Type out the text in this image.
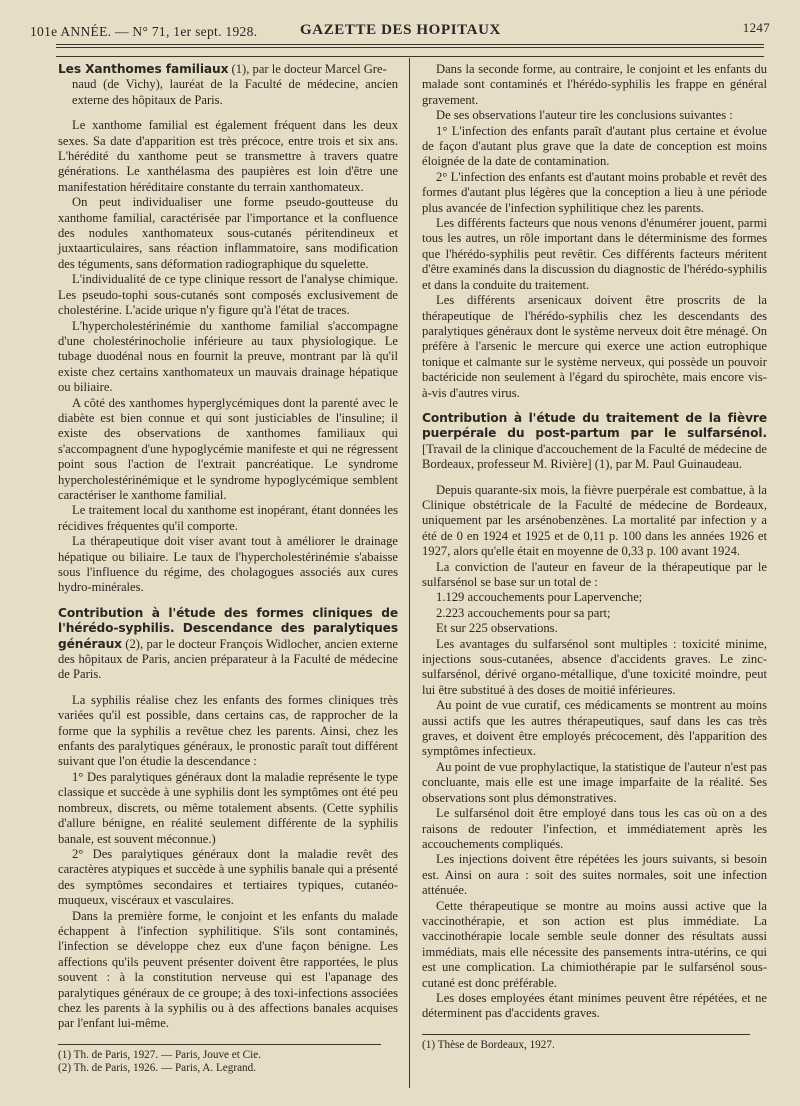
101e ANNÉE. — N° 71, 1er sept. 1928.	GAZETTE DES HOPITAUX	1247
Les Xanthomes familiaux (1), par le docteur Marcel Gre-
naud (de Vichy), lauréat de la Faculté de médecine, ancien externe des hôpitaux de Paris.

Le xanthome familial est également fréquent dans les deux sexes. Sa date d'apparition est très précoce, entre trois et six ans. L'hérédité du xanthome peut se transmettre à travers quatre générations. Le xanthélasma des paupières est loin d'être une manifestation héréditaire constante du terrain xanthomateux.

On peut individualiser une forme pseudo-goutteuse du xanthome familial, caractérisée par l'importance et la confluence des nodules xanthomateux sous-cutanés péritendineux et juxtaarticulaires, sans réaction inflammatoire, sans modification des téguments, sans déformation radiographique du squelette.

L'individualité de ce type clinique ressort de l'analyse chimique. Les pseudo-tophi sous-cutanés sont composés exclusivement de cholestérine. L'acide urique n'y figure qu'à l'état de traces.

L'hypercholestérinémie du xanthome familial s'accompagne d'une cholestérinocholie inférieure au taux physiologique. Le tubage duodénal nous en fournit la preuve, montrant par là qu'il existe chez certains xanthomateux un mauvais drainage hépatique ou biliaire.

A côté des xanthomes hyperglycémiques dont la parenté avec le diabète est bien connue et qui sont justiciables de l'insuline; il existe des observations de xanthomes familiaux qui s'accompagnent d'une hypoglycémie manifeste et qui ne régressent point sous l'action de l'extrait pancréatique. Le syndrome hypercholestérinémique et le syndrome hypoglycémique semblent caractériser le xanthome familial.

Le traitement local du xanthome est inopérant, étant données les récidives fréquentes qu'il comporte.

La thérapeutique doit viser avant tout à améliorer le drainage hépatique ou biliaire. Le taux de l'hypercholestérinémie s'abaisse sous l'influence du régime, des cholagogues associés aux cures hydro-minérales.

Contribution à l'étude des formes cliniques de l'hérédo-syphilis. Descendance des paralytiques généraux (2), par le docteur François Widlocher, ancien externe des hôpitaux de Paris, ancien préparateur à la Faculté de médecine de Paris.

La syphilis réalise chez les enfants des formes cliniques très variées qu'il est possible, dans certains cas, de rapprocher de la forme que la syphilis a revêtue chez les parents. Ainsi, chez les enfants des paralytiques généraux, le pronostic paraît tout différent suivant que l'on étudie la descendance :

1° Des paralytiques généraux dont la maladie représente le type classique et succède à une syphilis dont les symptômes ont été peu nombreux, discrets, ou même totalement absents. (Cette syphilis d'allure bénigne, en réalité seulement différente de la syphilis banale, est souvent méconnue.)

2° Des paralytiques généraux dont la maladie revêt des caractères atypiques et succède à une syphilis banale qui a présenté des symptômes secondaires et tertiaires typiques, cutanéo-muqueux, viscéraux et vasculaires.

Dans la première forme, le conjoint et les enfants du malade échappent à l'infection syphilitique. S'ils sont contaminés, l'infection se développe chez eux d'une façon bénigne. Les affections qu'ils peuvent présenter doivent être rapportées, le plus souvent : à la constitution nerveuse qui est l'apanage des paralytiques généraux de ce groupe; à des toxi-infections associées chez les parents à la syphilis ou à des affections banales acquises par l'enfant lui-même.

(1) Th. de Paris, 1927. — Paris, Jouve et Cie.

(2) Th. de Paris, 1926. — Paris, A. Legrand.

Dans la seconde forme, au contraire, le conjoint et les enfants du malade sont contaminés et l'hérédo-syphilis les frappe en général gravement.

De ses observations l'auteur tire les conclusions suivantes :

1° L'infection des enfants paraît d'autant plus certaine et évolue de façon d'autant plus grave que la date de conception est moins éloignée de la date de contamination.

2° L'infection des enfants est d'autant moins probable et revêt des formes d'autant plus légères que la conception a lieu à une période plus avancée de l'infection syphilitique chez les parents.

Les différents facteurs que nous venons d'énumérer jouent, parmi tous les autres, un rôle important dans le déterminisme des formes que l'hérédo-syphilis peut revêtir. Ces différents facteurs méritent d'être examinés dans la discussion du diagnostic de l'hérédo-syphilis et dans la conduite du traitement.

Les différents arsenicaux doivent être proscrits de la thérapeutique de l'hérédo-syphilis chez les descendants des paralytiques généraux dont le système nerveux doit être ménagé. On préfère à l'arsenic le mercure qui exerce une action eutrophique tonique et calmante sur le système nerveux, qui possède un pouvoir bactéricide non seulement à l'égard du spirochète, mais encore vis-à-vis d'autres virus.

Contribution à l'étude du traitement de la fièvre puerpérale du post-partum par le sulfarsénol. [Travail de la clinique d'accouchement de la Faculté de médecine de Bordeaux, professeur M. Rivière] (1), par M. Paul Guinaudeau.

Depuis quarante-six mois, la fièvre puerpérale est combattue, à la Clinique obstétricale de la Faculté de médecine de Bordeaux, uniquement par les arsénobenzènes. La mortalité par infection y a été de 0 en 1924 et 1925 et de 0,11 p. 100 dans les années 1926 et 1927, alors qu'elle était en moyenne de 0,33 p. 100 avant 1924.

La conviction de l'auteur en faveur de la thérapeutique par le sulfarsénol se base sur un total de :

1.129 accouchements pour Lapervenche;

2.223 accouchements pour sa part;

Et sur 225 observations.

Les avantages du sulfarsénol sont multiples : toxicité minime, injections sous-cutanées, absence d'accidents graves. Le zinc-sulfarsénol, dérivé organo-métallique, d'une toxicité moindre, peut lui être substitué à des doses de moitié inférieures.

Au point de vue curatif, ces médicaments se montrent au moins aussi actifs que les autres thérapeutiques, sauf dans les cas très graves, et doivent être employés précocement, dès l'apparition des symptômes infectieux.

Au point de vue prophylactique, la statistique de l'auteur n'est pas concluante, mais elle est une image imparfaite de la réalité. Ses observations sont plus démonstratives.

Le sulfarsénol doit être employé dans tous les cas où on a des raisons de redouter l'infection, et immédiatement après les accouchements compliqués.

Les injections doivent être répétées les jours suivants, si besoin est. Ainsi on aura : soit des suites normales, soit une infection atténuée.

Cette thérapeutique se montre au moins aussi active que la vaccinothérapie, et son action est plus immédiate. La vaccinothérapie locale semble seule donner des résultats aussi immédiats, mais elle nécessite des pansements intra-utérins, ce qui est une complication. La chimiothérapie par le sulfarsénol sous-cutané est donc préférable.

Les doses employées étant minimes peuvent être répétées, et ne déterminent pas d'accidents graves.

(1) Thèse de Bordeaux, 1927.
